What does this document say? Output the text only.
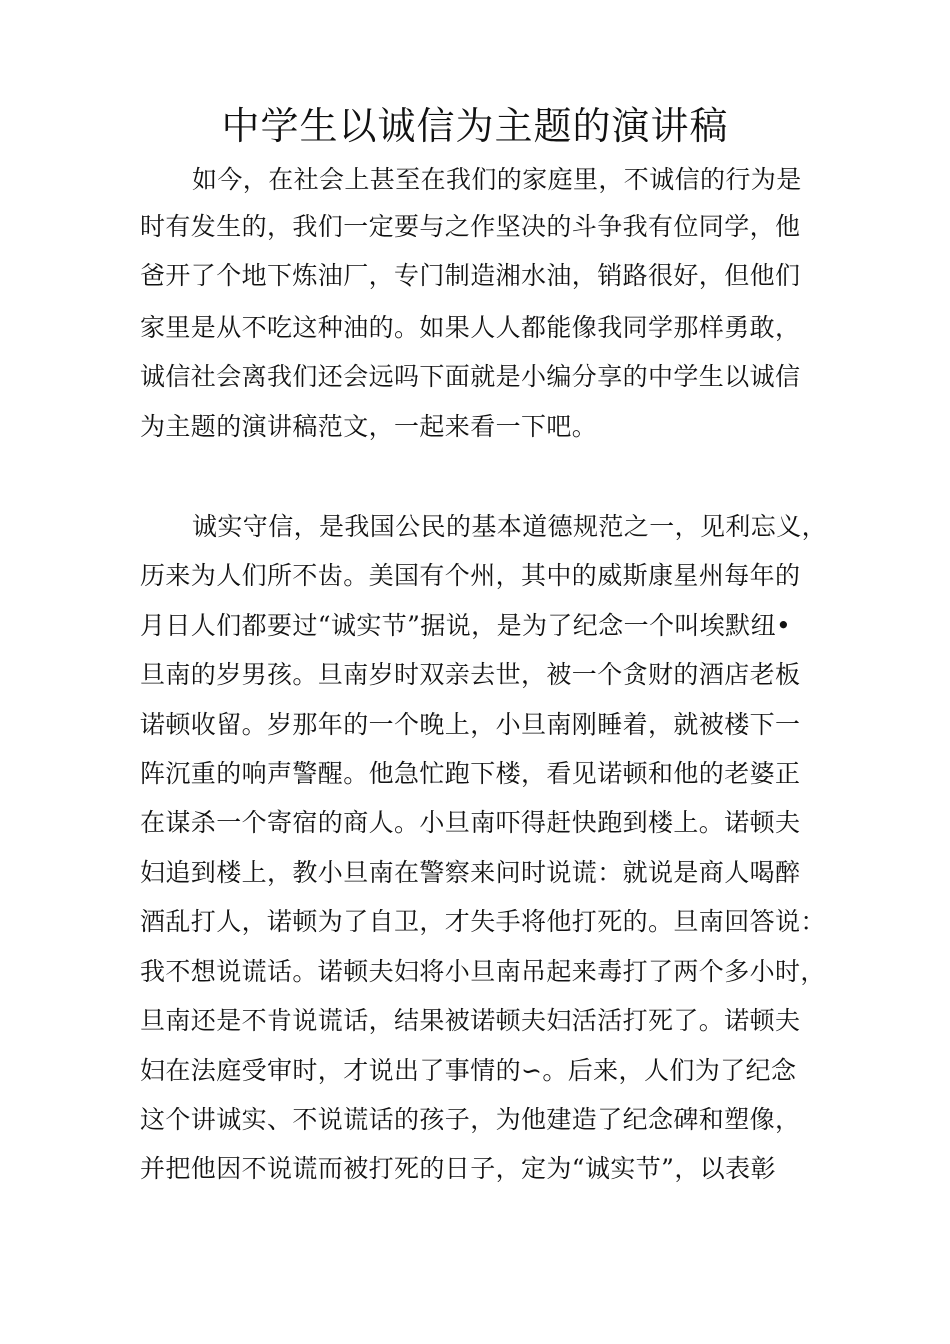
中学生以诚信为主题的演讲稿
如今，在社会上甚至在我们的家庭里，不诚信的行为是
时有发生的，我们一定要与之作坚决的斗争我有位同学，他
爸开了个地下炼油厂，专门制造湘水油，销路很好，但他们
家里是从不吃这种油的。如果人人都能像我同学那样勇敢，
诚信社会离我们还会远吗下面就是小编分享的中学生以诚信
为主题的演讲稿范文，一起来看一下吧。
诚实守信，是我国公民的基本道德规范之一，见利忘义，
历来为人们所不齿。美国有个州，其中的威斯康星州每年的
月日人们都要过“诚实节”据说，是为了纪念一个叫埃默纽•
旦南的岁男孩。旦南岁时双亲去世，被一个贪财的酒店老板
诺顿收留。岁那年的一个晚上，小旦南刚睡着，就被楼下一
阵沉重的响声警醒。他急忙跑下楼，看见诺顿和他的老婆正
在谋杀一个寄宿的商人。小旦南吓得赶快跑到楼上。诺顿夫
妇追到楼上，教小旦南在警察来问时说谎：就说是商人喝醉
酒乱打人，诺顿为了自卫，才失手将他打死的。旦南回答说：
我不想说谎话。诺顿夫妇将小旦南吊起来毒打了两个多小时，
旦南还是不肯说谎话，结果被诺顿夫妇活活打死了。诺顿夫
妇在法庭受审时，才说出了事情的∽。后来，人们为了纪念
这个讲诚实、不说谎话的孩子，为他建造了纪念碑和塑像，
并把他因不说谎而被打死的日子，定为“诚实节”，以表彰
